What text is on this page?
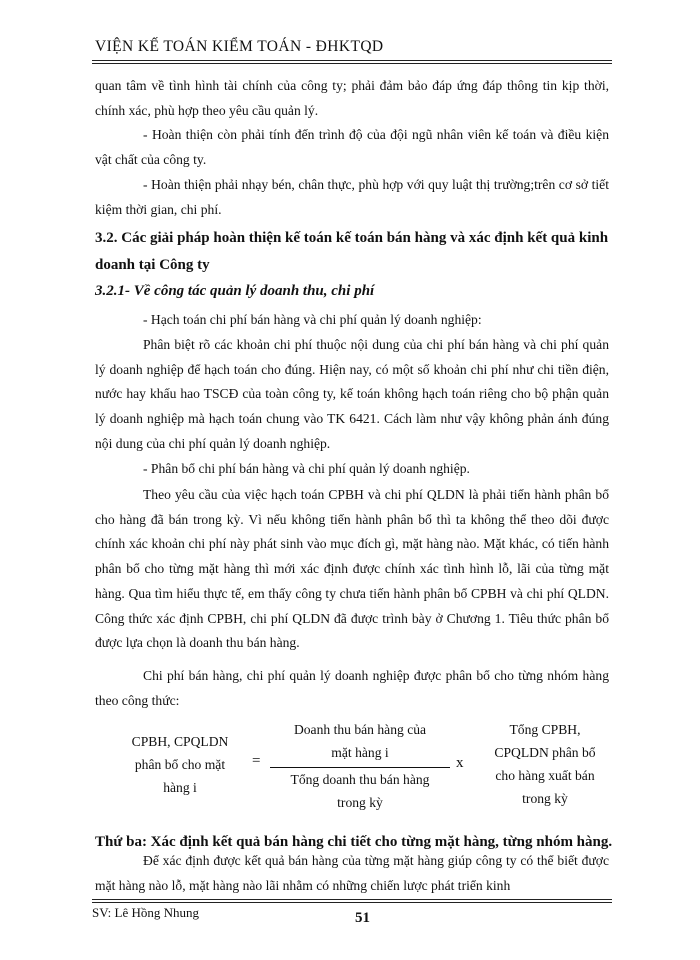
VIỆN KẾ TOÁN KIỂM TOÁN - ĐHKTQD

quan tâm về tình hình tài chính của công ty; phải đảm bảo đáp ứng đáp thông tin kịp thời, chính xác, phù hợp theo yêu cầu quản lý.

- Hoàn thiện còn phải tính đến trình độ của đội ngũ nhân viên kế toán và điều kiện vật chất của công ty.

- Hoàn thiện phải nhạy bén, chân thực, phù hợp với quy luật thị trường;trên cơ sở tiết kiệm thời gian, chi phí.

3.2. Các giải pháp hoàn thiện kế toán kế toán bán hàng và xác định kết quả kinh doanh tại Công ty

3.2.1- Về công tác quản lý doanh thu, chi phí

- Hạch toán chi phí bán hàng và chi phí quản lý doanh nghiệp:

Phân biệt rõ các khoản chi phí thuộc nội dung của chi phí bán hàng và chi phí quản lý doanh nghiệp để hạch toán cho đúng. Hiện nay, có một số khoản chi phí như chi tiền điện, nước hay khấu hao TSCĐ của toàn công ty, kế toán không hạch toán riêng cho bộ phận quản lý doanh nghiệp mà hạch toán chung vào TK 6421. Cách làm như vậy không phản ánh đúng nội dung của chi phí quản lý doanh nghiệp.

- Phân bổ chi phí bán hàng và chi phí quản lý doanh nghiệp.

Theo yêu cầu của việc hạch toán CPBH và chi phí QLDN là phải tiến hành phân bổ cho hàng đã bán trong kỳ. Vì nếu không tiến hành phân bổ thì ta không thể theo dõi được chính xác khoản chi phí này phát sinh vào mục đích gì, mặt hàng nào. Mặt khác, có tiến hành phân bổ cho từng mặt hàng thì mới xác định được chính xác tình hình lỗ, lãi của từng mặt hàng. Qua tìm hiểu thực tế, em thấy công ty chưa tiến hành phân bổ CPBH và chi phí QLDN. Công thức xác định CPBH, chi phí QLDN đã được trình bày ở Chương 1. Tiêu thức phân bổ được lựa chọn là doanh thu bán hàng.

Chi phí bán hàng, chi phí quản lý doanh nghiệp được phân bổ cho từng nhóm hàng theo công thức:

CPBH, CPQLDN
phân bổ cho mặt
hàng i
=
Doanh thu bán hàng của
mặt hàng i
Tổng doanh thu bán hàng
trong kỳ
x
Tổng CPBH,
CPQLDN phân bổ
cho hàng xuất bán
trong kỳ

Thứ ba: Xác định kết quả bán hàng chi tiết cho từng mặt hàng, từng nhóm hàng.

Để xác định được kết quả bán hàng của từng mặt hàng giúp công ty có thể biết được mặt hàng nào lỗ, mặt hàng nào lãi nhằm có những chiến lược phát triển kinh

SV: Lê Hồng Nhung	51
